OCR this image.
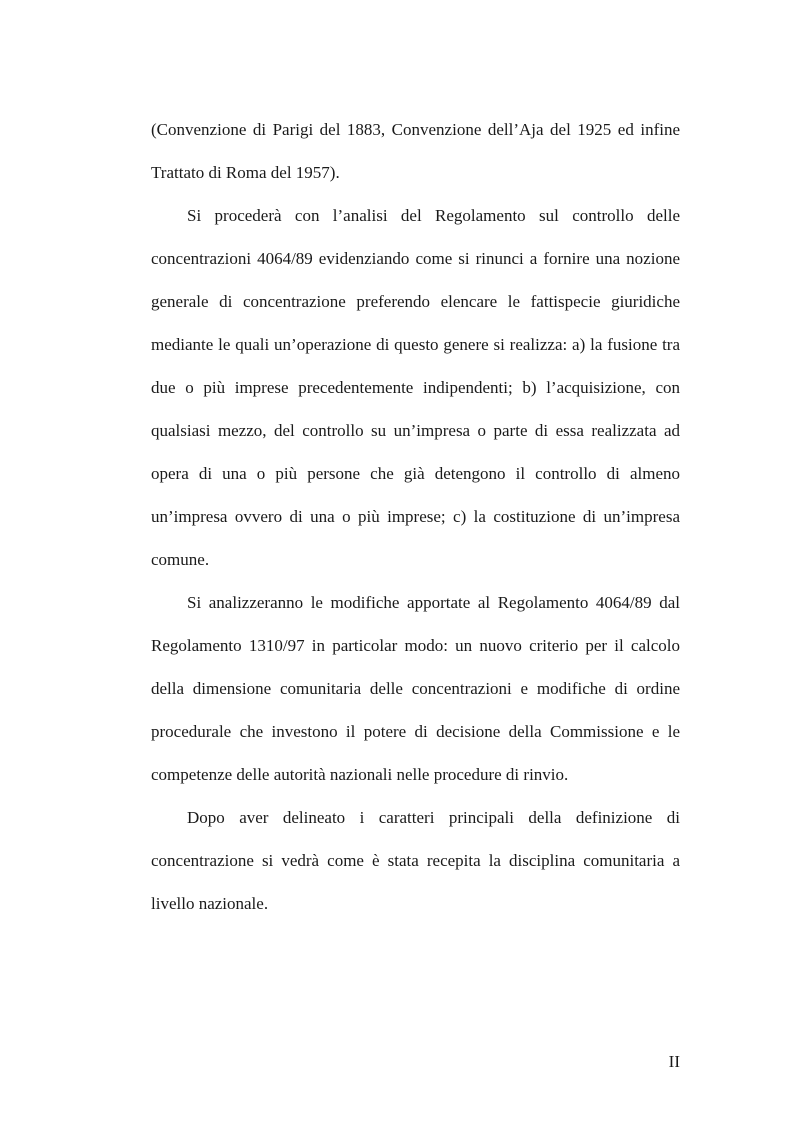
(Convenzione di Parigi del 1883, Convenzione dell’Aja del 1925 ed infine Trattato di Roma del 1957).

Si procederà con l’analisi del Regolamento sul controllo delle concentrazioni 4064/89 evidenziando come si rinunci a fornire una nozione generale di concentrazione preferendo elencare le fattispecie giuridiche mediante le quali un’operazione di questo genere si realizza: a) la fusione tra due o più imprese precedentemente indipendenti; b) l’acquisizione, con qualsiasi mezzo, del controllo su un’impresa o parte di essa realizzata ad opera di una o più persone che già detengono il controllo di almeno un’impresa ovvero di una o più imprese; c) la costituzione di un’impresa comune.

Si analizzeranno le modifiche apportate al Regolamento 4064/89 dal Regolamento 1310/97 in particolar modo: un nuovo criterio per il calcolo della dimensione comunitaria delle concentrazioni e modifiche di ordine procedurale che investono il potere di decisione della Commissione e le competenze delle autorità nazionali nelle procedure di rinvio.

Dopo aver delineato i caratteri principali della definizione di concentrazione si vedrà come è stata recepita la disciplina comunitaria a livello nazionale.

II
